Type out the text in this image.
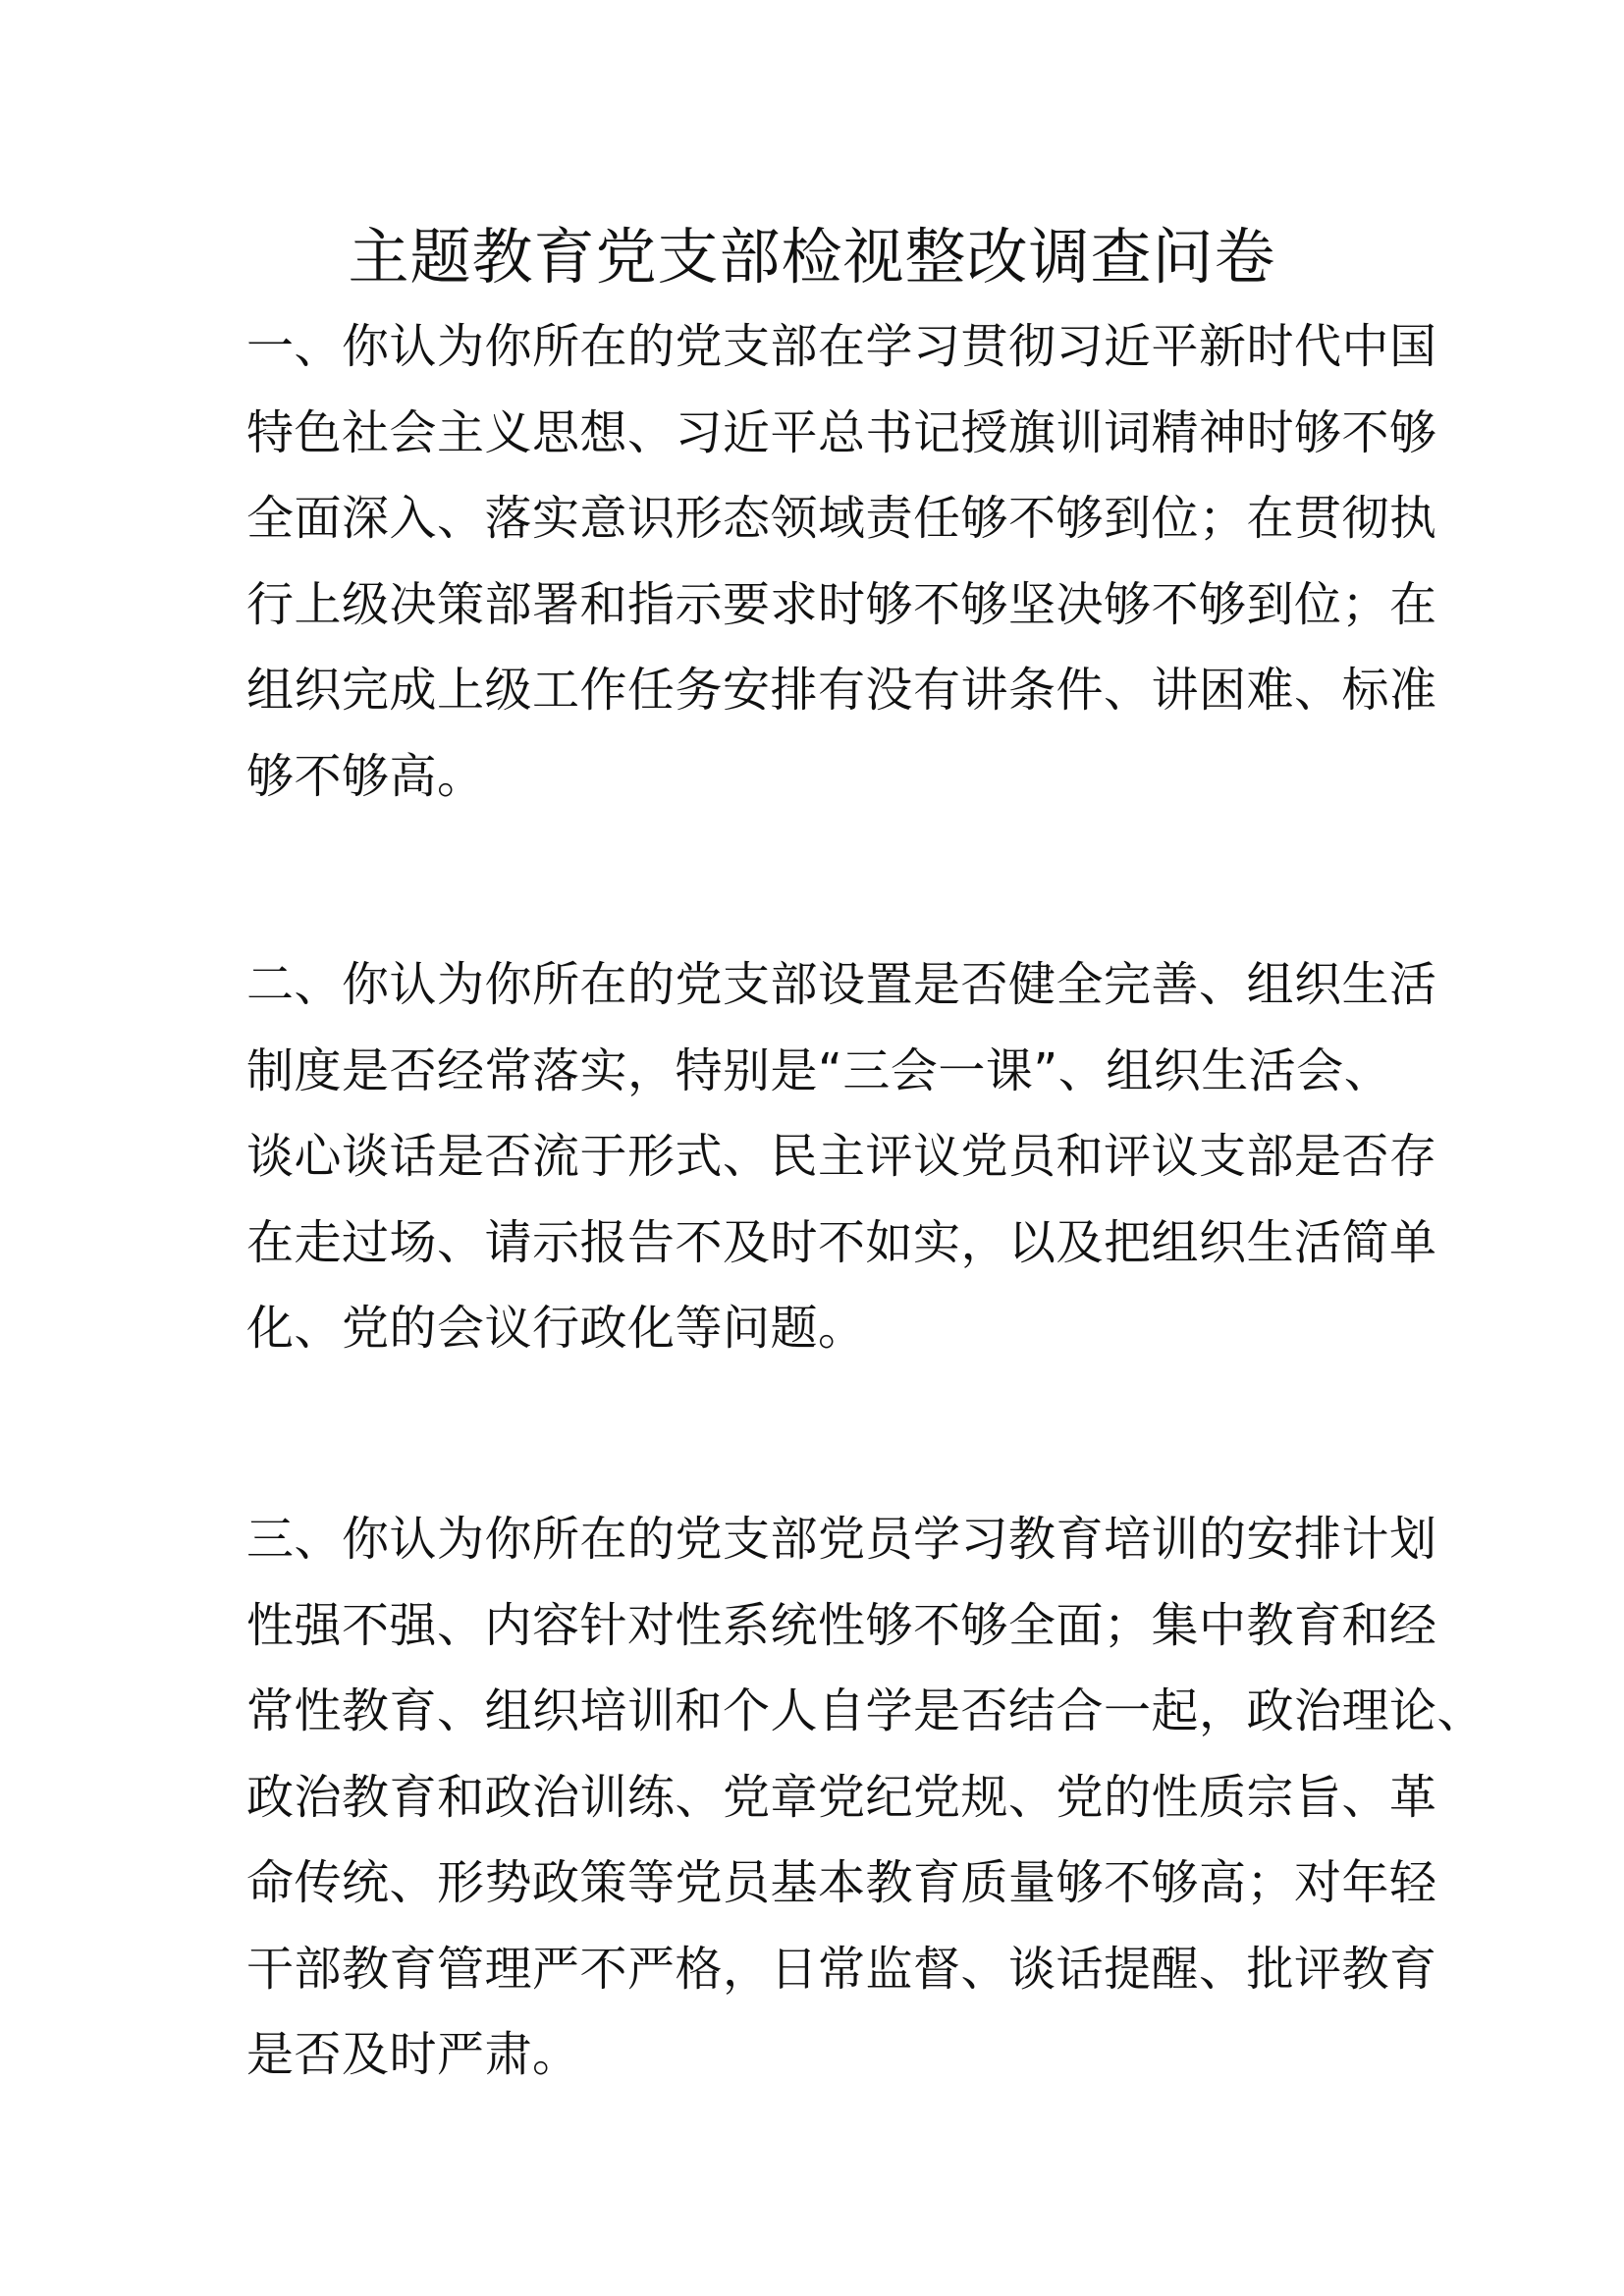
主题教育党支部检视整改调查问卷
一、你认为你所在的党支部在学习贯彻习近平新时代中国
特色社会主义思想、习近平总书记授旗训词精神时够不够
全面深入、落实意识形态领域责任够不够到位；在贯彻执
行上级决策部署和指示要求时够不够坚决够不够到位；在
组织完成上级工作任务安排有没有讲条件、讲困难、标准
够不够高。
二、你认为你所在的党支部设置是否健全完善、组织生活
制度是否经常落实，特别是“三会一课”、组织生活会、
谈心谈话是否流于形式、民主评议党员和评议支部是否存
在走过场、请示报告不及时不如实，以及把组织生活简单
化、党的会议行政化等问题。
三、你认为你所在的党支部党员学习教育培训的安排计划
性强不强、内容针对性系统性够不够全面；集中教育和经
常性教育、组织培训和个人自学是否结合一起，政治理论、
政治教育和政治训练、党章党纪党规、党的性质宗旨、革
命传统、形势政策等党员基本教育质量够不够高；对年轻
干部教育管理严不严格，日常监督、谈话提醒、批评教育
是否及时严肃。
